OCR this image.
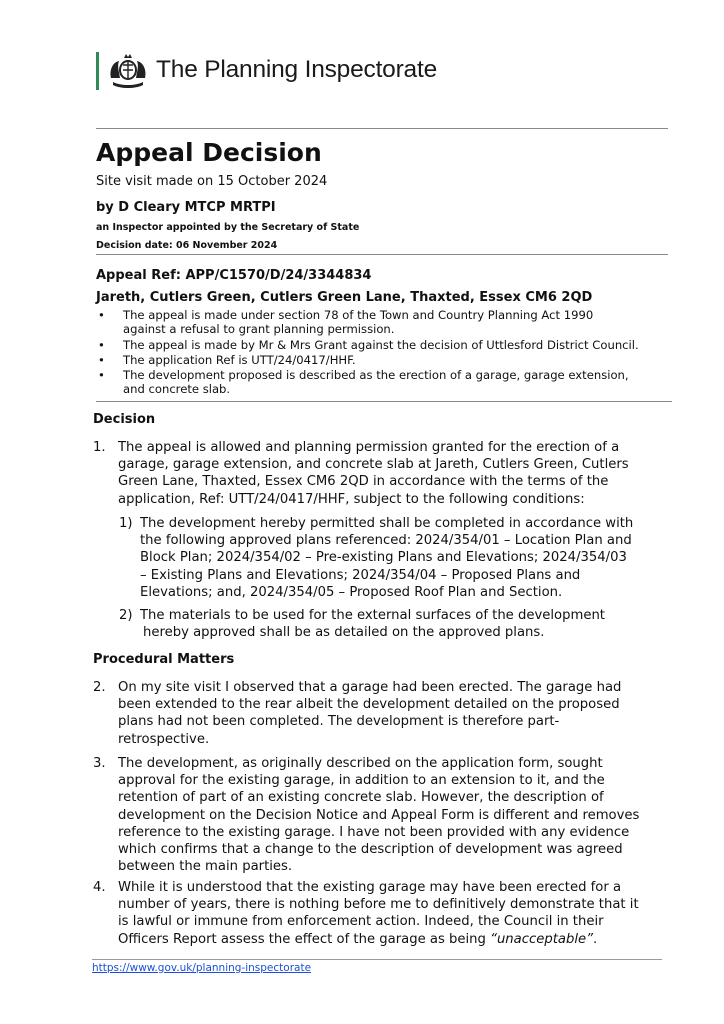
The Planning Inspectorate
Appeal Decision
Site visit made on 15 October 2024
by D Cleary MTCP MRTPI
an Inspector appointed by the Secretary of State
Decision date: 06 November 2024
Appeal Ref: APP/C1570/D/24/3344834
Jareth, Cutlers Green, Cutlers Green Lane, Thaxted, Essex CM6 2QD
• The appeal is made under section 78 of the Town and Country Planning Act 1990
against a refusal to grant planning permission.
• The appeal is made by Mr & Mrs Grant against the decision of Uttlesford District Council.
• The application Ref is UTT/24/0417/HHF.
• The development proposed is described as the erection of a garage, garage extension,
and concrete slab.
Decision
1. The appeal is allowed and planning permission granted for the erection of a
garage, garage extension, and concrete slab at Jareth, Cutlers Green, Cutlers
Green Lane, Thaxted, Essex CM6 2QD in accordance with the terms of the
application, Ref: UTT/24/0417/HHF, subject to the following conditions:
1) The development hereby permitted shall be completed in accordance with
the following approved plans referenced: 2024/354/01 – Location Plan and
Block Plan; 2024/354/02 – Pre-existing Plans and Elevations; 2024/354/03
– Existing Plans and Elevations; 2024/354/04 – Proposed Plans and
Elevations; and, 2024/354/05 – Proposed Roof Plan and Section.
2) The materials to be used for the external surfaces of the development
hereby approved shall be as detailed on the approved plans.
Procedural Matters
2. On my site visit I observed that a garage had been erected. The garage had
been extended to the rear albeit the development detailed on the proposed
plans had not been completed. The development is therefore part-
retrospective.
3. The development, as originally described on the application form, sought
approval for the existing garage, in addition to an extension to it, and the
retention of part of an existing concrete slab. However, the description of
development on the Decision Notice and Appeal Form is different and removes
reference to the existing garage. I have not been provided with any evidence
which confirms that a change to the description of development was agreed
between the main parties.
4. While it is understood that the existing garage may have been erected for a
number of years, there is nothing before me to definitively demonstrate that it
is lawful or immune from enforcement action. Indeed, the Council in their
Officers Report assess the effect of the garage as being “unacceptable”.
https://www.gov.uk/planning-inspectorate
